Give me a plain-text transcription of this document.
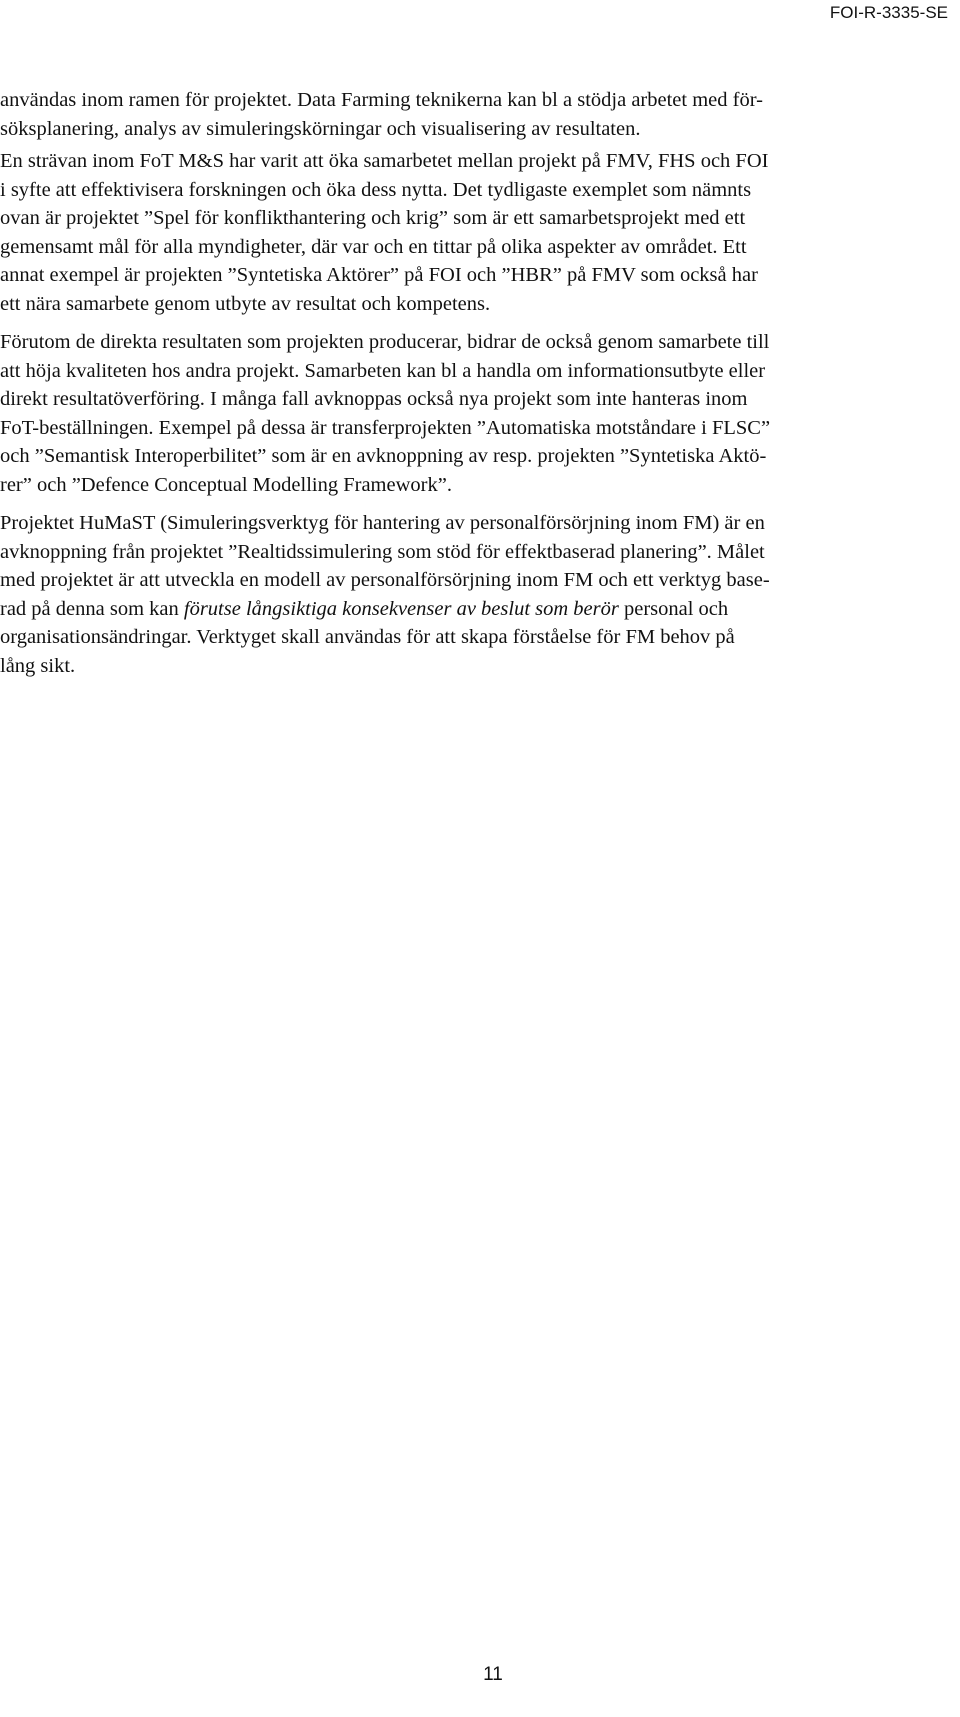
FOI-R-3335-SE

användas inom ramen för projektet. Data Farming teknikerna kan bl a stödja arbetet med för-
söksplanering, analys av simuleringskörningar och visualisering av resultaten.

En strävan inom FoT M&S har varit att öka samarbetet mellan projekt på FMV, FHS och FOI
i syfte att effektivisera forskningen och öka dess nytta. Det tydligaste exemplet som nämnts
ovan är projektet ”Spel för konflikthantering och krig” som är ett samarbetsprojekt med ett
gemensamt mål för alla myndigheter, där var och en tittar på olika aspekter av området. Ett
annat exempel är projekten ”Syntetiska Aktörer” på FOI och ”HBR” på FMV som också har
ett nära samarbete genom utbyte av resultat och kompetens.

Förutom de direkta resultaten som projekten producerar, bidrar de också genom samarbete till
att höja kvaliteten hos andra projekt. Samarbeten kan bl a handla om informationsutbyte eller
direkt resultatöverföring. I många fall avknoppas också nya projekt som inte hanteras inom
FoT-beställningen. Exempel på dessa är transferprojekten ”Automatiska motståndare i FLSC”
och ”Semantisk Interoperbilitet” som är en avknoppning av resp. projekten ”Syntetiska Aktö-
rer” och ”Defence Conceptual Modelling Framework”.

Projektet HuMaST (Simuleringsverktyg för hantering av personalförsörjning inom FM) är en
avknoppning från projektet ”Realtidssimulering som stöd för effektbaserad planering”. Målet
med projektet är att utveckla en modell av personalförsörjning inom FM och ett verktyg base-
rad på denna som kan förutse långsiktiga konsekvenser av beslut som berör personal och
organisationsändringar. Verktyget skall användas för att skapa förståelse för FM behov på
lång sikt.

11
